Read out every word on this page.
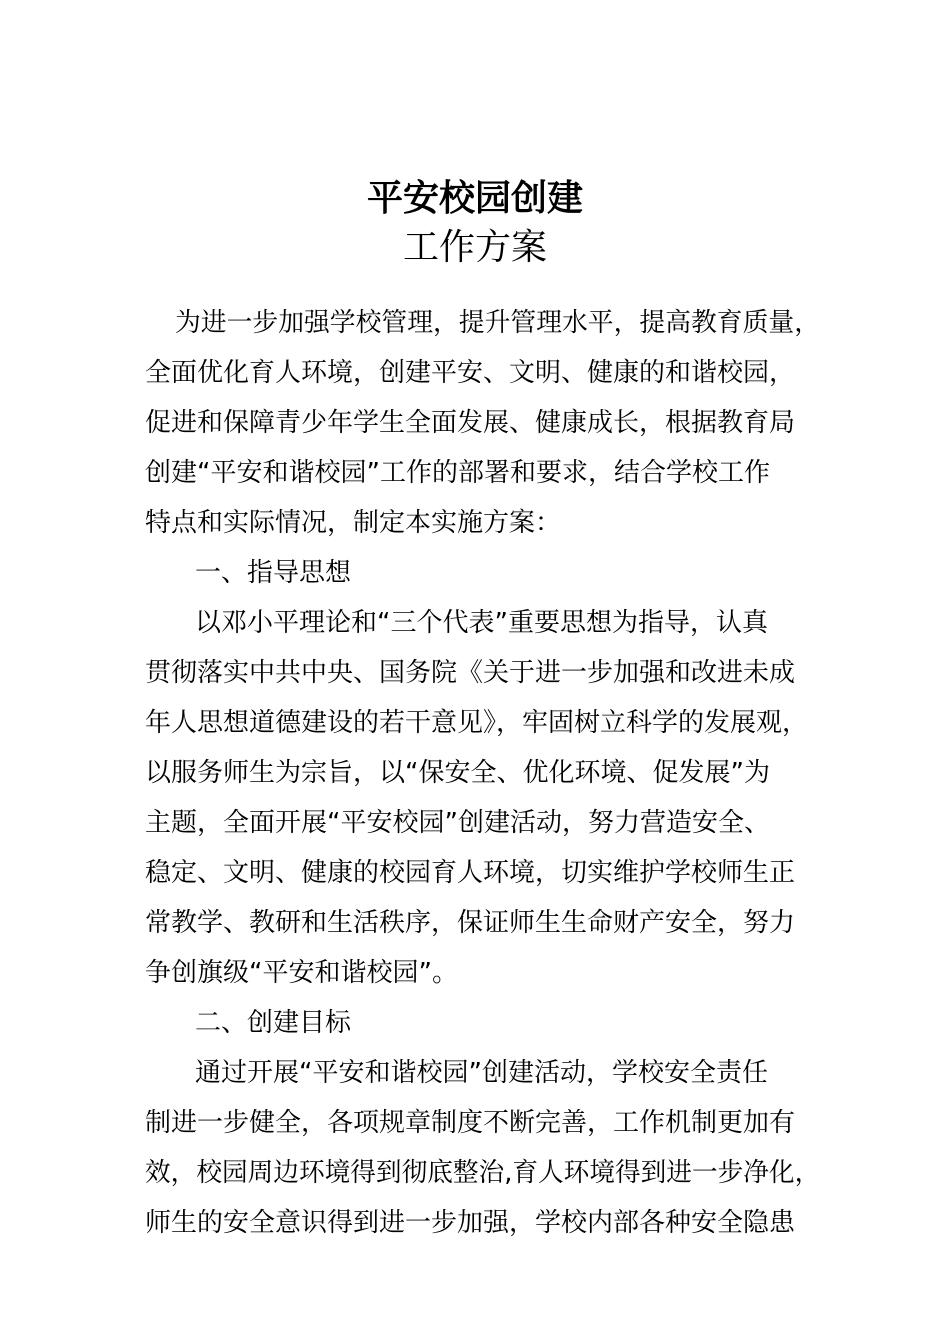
平安校园创建
工作方案
为进一步加强学校管理，提升管理水平，提高教育质量，
全面优化育人环境，创建平安、文明、健康的和谐校园，
促进和保障青少年学生全面发展、健康成长，根据教育局
创建“平安和谐校园”工作的部署和要求，结合学校工作
特点和实际情况，制定本实施方案：
一、指导思想
以邓小平理论和“三个代表”重要思想为指导，认真
贯彻落实中共中央、国务院《关于进一步加强和改进未成
年人思想道德建设的若干意见》，牢固树立科学的发展观，
以服务师生为宗旨，以“保安全、优化环境、促发展”为
主题，全面开展“平安校园”创建活动，努力营造安全、
稳定、文明、健康的校园育人环境，切实维护学校师生正
常教学、教研和生活秩序，保证师生生命财产安全，努力
争创旗级“平安和谐校园”。
二、创建目标
通过开展“平安和谐校园”创建活动，学校安全责任
制进一步健全，各项规章制度不断完善，工作机制更加有
效，校园周边环境得到彻底整治,育人环境得到进一步净化，
师生的安全意识得到进一步加强，学校内部各种安全隐患
